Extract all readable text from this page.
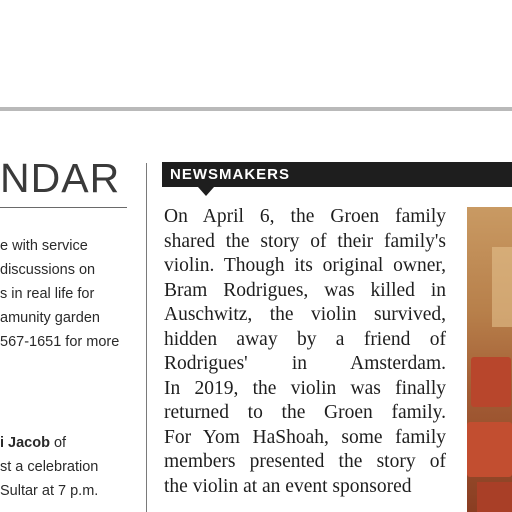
NDAR
e with service
discussions on
s in real life for
amunity garden
567-1651 for more
i Jacob of
st a celebration
Sultar at 7 p.m.
NEWSMAKERS
On April 6, the Groen family
shared the story of their family's
violin. Though its original owner,
Bram Rodrigues, was killed in
Auschwitz, the violin survived,
hidden away by a friend of
Rodrigues' in Amsterdam.
In 2019, the violin was finally
returned to the Groen family.
For Yom HaShoah, some family
members presented the story of
the violin at an event sponsored
